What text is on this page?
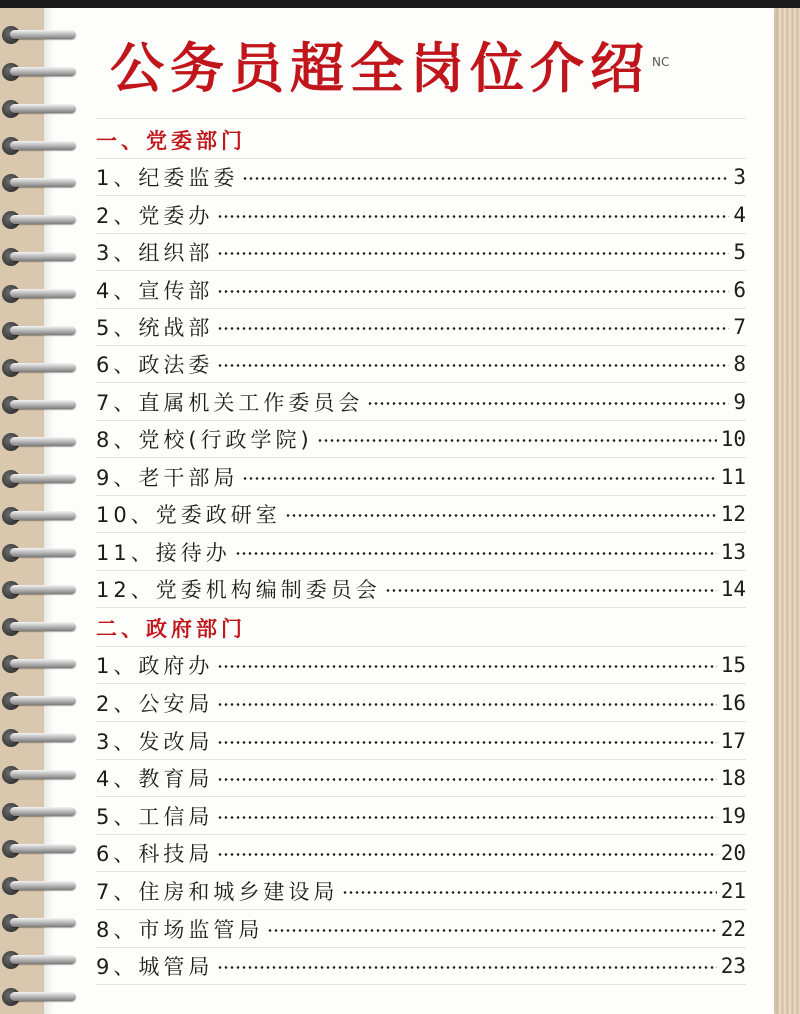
公务员超全岗位介绍 NC
一、党委部门
1、纪委监委	3
2、党委办	4
3、组织部	5
4、宣传部	6
5、统战部	7
6、政法委	8
7、直属机关工作委员会	9
8、党校(行政学院)	10
9、老干部局	11
10、党委政研室	12
11、接待办	13
12、党委机构编制委员会	14
二、政府部门
1、政府办	15
2、公安局	16
3、发改局	17
4、教育局	18
5、工信局	19
6、科技局	20
7、住房和城乡建设局	21
8、市场监管局	22
9、城管局	23
